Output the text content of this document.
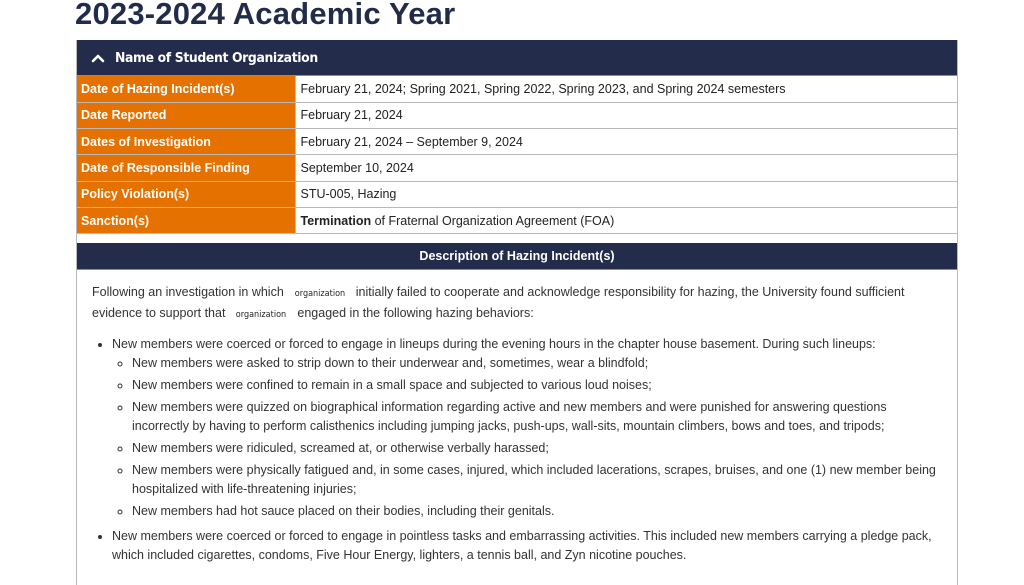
2023-2024 Academic Year
Name of Student Organization
Date of Hazing Incident(s)	February 21, 2024; Spring 2021, Spring 2022, Spring 2023, and Spring 2024 semesters
Date Reported	February 21, 2024
Dates of Investigation	February 21, 2024 – September 9, 2024
Date of Responsible Finding	September 10, 2024
Policy Violation(s)	STU-005, Hazing
Sanction(s)	Termination of Fraternal Organization Agreement (FOA)
Description of Hazing Incident(s)

Following an investigation in which organization initially failed to cooperate and acknowledge responsibility for hazing, the University found sufficient evidence to support that organization engaged in the following hazing behaviors:

• New members were coerced or forced to engage in lineups during the evening hours in the chapter house basement. During such lineups:
◦ New members were asked to strip down to their underwear and, sometimes, wear a blindfold;
◦ New members were confined to remain in a small space and subjected to various loud noises;
◦ New members were quizzed on biographical information regarding active and new members and were punished for answering questions incorrectly by having to perform calisthenics including jumping jacks, push-ups, wall-sits, mountain climbers, bows and toes, and tripods;
◦ New members were ridiculed, screamed at, or otherwise verbally harassed;
◦ New members were physically fatigued and, in some cases, injured, which included lacerations, scrapes, bruises, and one (1) new member being hospitalized with life-threatening injuries;
◦ New members had hot sauce placed on their bodies, including their genitals.
• New members were coerced or forced to engage in pointless tasks and embarrassing activities. This included new members carrying a pledge pack, which included cigarettes, condoms, Five Hour Energy, lighters, a tennis ball, and Zyn nicotine pouches.
